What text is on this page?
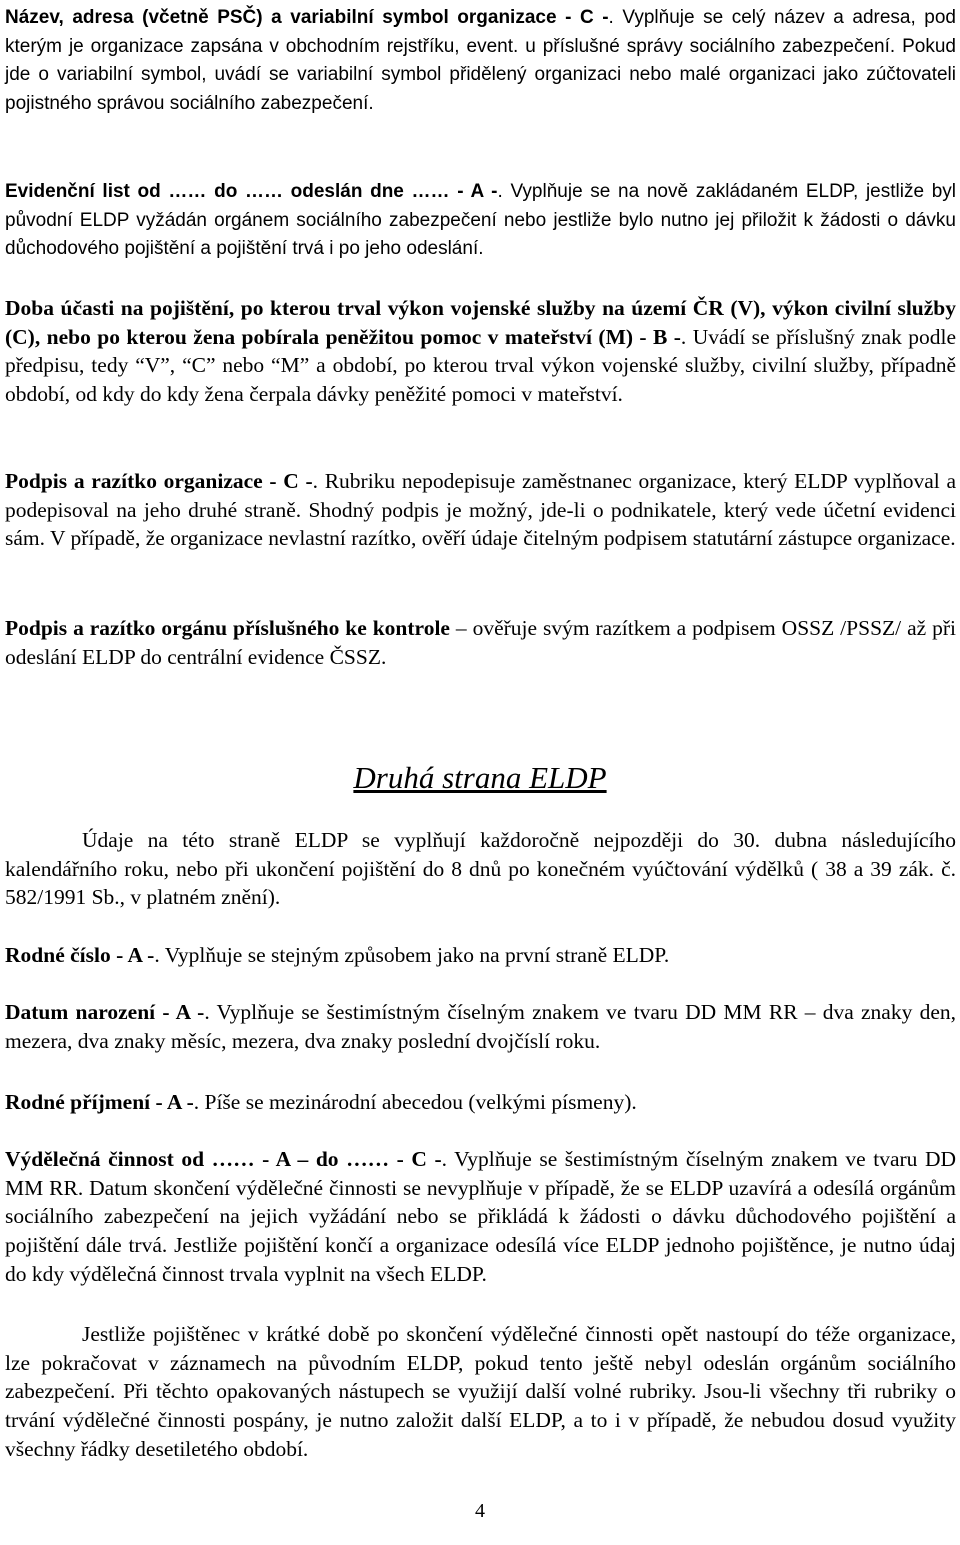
Název, adresa (včetně PSČ) a variabilní symbol organizace - C -. Vyplňuje se celý název a adresa, pod kterým je organizace zapsána v obchodním rejstříku, event. u příslušné správy sociálního zabezpečení. Pokud jde o variabilní symbol, uvádí se variabilní symbol přidělený organizaci nebo malé organizaci jako zúčtovateli pojistného správou sociálního zabezpečení.

Evidenční list od …… do …… odeslán dne …… - A -. Vyplňuje se na nově zakládaném ELDP, jestliže byl původní ELDP vyžádán orgánem sociálního zabezpečení nebo jestliže bylo nutno jej přiložit k žádosti o dávku důchodového pojištění a pojištění trvá i po jeho odeslání.

Doba účasti na pojištění, po kterou trval výkon vojenské služby na území ČR (V), výkon civilní služby (C), nebo po kterou žena pobírala peněžitou pomoc v mateřství (M) - B -. Uvádí se příslušný znak podle předpisu, tedy “V”, “C” nebo “M” a období, po kterou trval výkon vojenské služby, civilní služby, případně období, od kdy do kdy žena čerpala dávky peněžité pomoci v mateřství.

Podpis a razítko organizace - C -. Rubriku nepodepisuje zaměstnanec organizace, který ELDP vyplňoval a podepisoval na jeho druhé straně. Shodný podpis je možný, jde-li o podnikatele, který vede účetní evidenci sám. V případě, že organizace nevlastní razítko, ověří údaje čitelným podpisem statutární zástupce organizace.

Podpis a razítko orgánu příslušného ke kontrole – ověřuje svým razítkem a podpisem OSSZ /PSSZ/ až při odeslání ELDP do centrální evidence ČSSZ.

Druhá strana ELDP

Údaje na této straně ELDP se vyplňují každoročně nejpozději do 30. dubna následujícího kalendářního roku, nebo při ukončení pojištění do 8 dnů po konečném vyúčtování výdělků ( 38 a 39 zák. č. 582/1991 Sb., v platném znění).

Rodné číslo - A -. Vyplňuje se stejným způsobem jako na první straně ELDP.

Datum narození - A -. Vyplňuje se šestimístným číselným znakem ve tvaru DD MM RR – dva znaky den, mezera, dva znaky měsíc, mezera, dva znaky poslední dvojčíslí roku.

Rodné příjmení - A -. Píše se mezinárodní abecedou (velkými písmeny).

Výdělečná činnost od …… - A – do …… - C -. Vyplňuje se šestimístným číselným znakem ve tvaru DD MM RR. Datum skončení výdělečné činnosti se nevyplňuje v případě, že se ELDP uzavírá a odesílá orgánům sociálního zabezpečení na jejich vyžádání nebo se přikládá k žádosti o dávku důchodového pojištění a pojištění dále trvá. Jestliže pojištění končí a organizace odesílá více ELDP jednoho pojištěnce, je nutno údaj do kdy výdělečná činnost trvala vyplnit na všech ELDP.

Jestliže pojištěnec v krátké době po skončení výdělečné činnosti opět nastoupí do téže organizace, lze pokračovat v záznamech na původním ELDP, pokud tento ještě nebyl odeslán orgánům sociálního zabezpečení. Při těchto opakovaných nástupech se využijí další volné rubriky. Jsou-li všechny tři rubriky o trvání výdělečné činnosti pospány, je nutno založit další ELDP, a to i v případě, že nebudou dosud využity všechny řádky desetiletého období.

4
